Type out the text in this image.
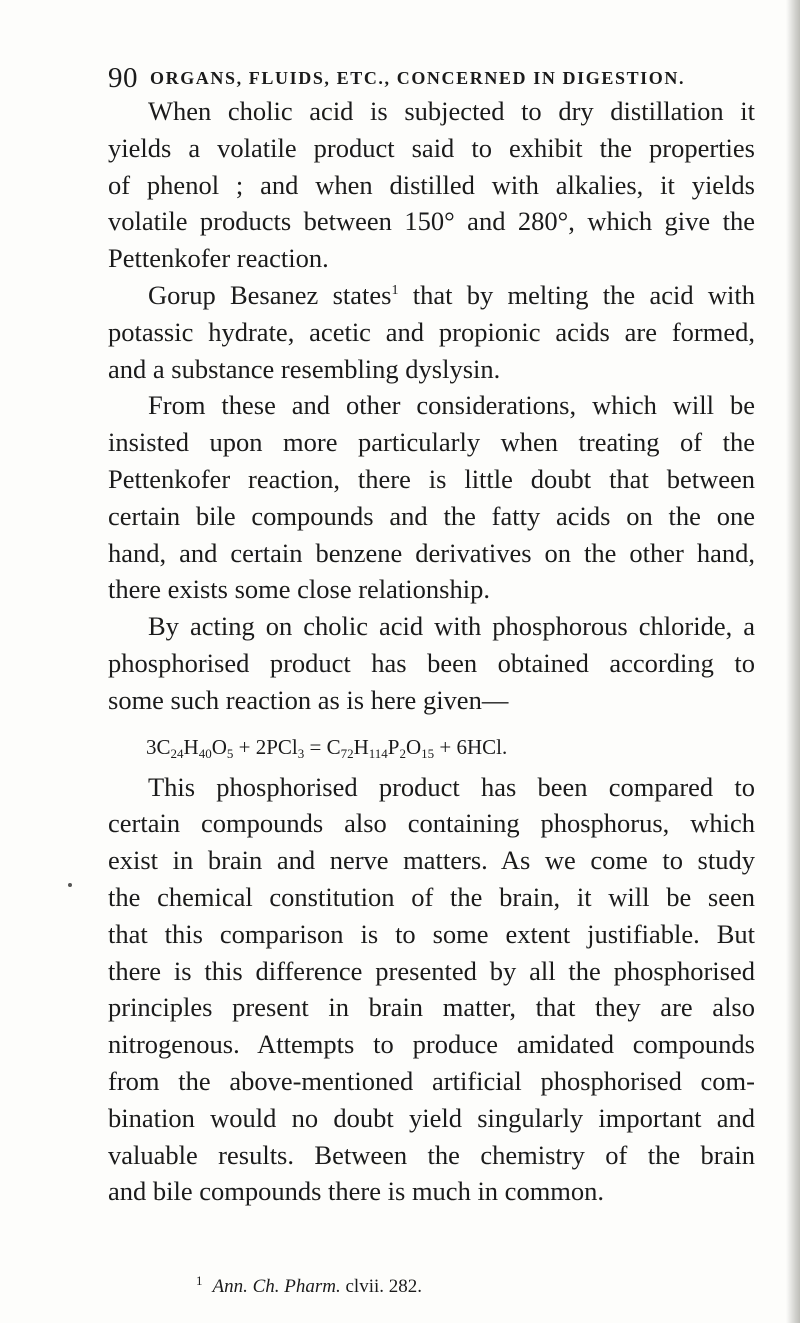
90 ORGANS, FLUIDS, ETC., CONCERNED IN DIGESTION.
When cholic acid is subjected to dry distillation it
yields a volatile product said to exhibit the properties
of phenol ; and when distilled with alkalies, it yields
volatile products between 150° and 280°, which give the
Pettenkofer reaction.
Gorup Besanez states$^1$ that by melting the acid with
potassic hydrate, acetic and propionic acids are formed,
and a substance resembling dyslysin.
From these and other considerations, which will be
insisted upon more particularly when treating of the
Pettenkofer reaction, there is little doubt that between
certain bile compounds and the fatty acids on the one
hand, and certain benzene derivatives on the other hand,
there exists some close relationship.
By acting on cholic acid with phosphorous chloride, a
phosphorised product has been obtained according to
some such reaction as is here given—
$3C_{24}H_{40}O_5 + 2PCl_3 = C_{72}H_{114}P_2O_{15} + 6HCl$.
This phosphorised product has been compared to
certain compounds also containing phosphorus, which
exist in brain and nerve matters. As we come to study
the chemical constitution of the brain, it will be seen
that this comparison is to some extent justifiable. But
there is this difference presented by all the phosphorised
principles present in brain matter, that they are also
nitrogenous. Attempts to produce amidated compounds
from the above-mentioned artificial phosphorised com-
bination would no doubt yield singularly important and
valuable results. Between the chemistry of the brain
and bile compounds there is much in common.
$^1$ Ann. Ch. Pharm. clvii. 282.
